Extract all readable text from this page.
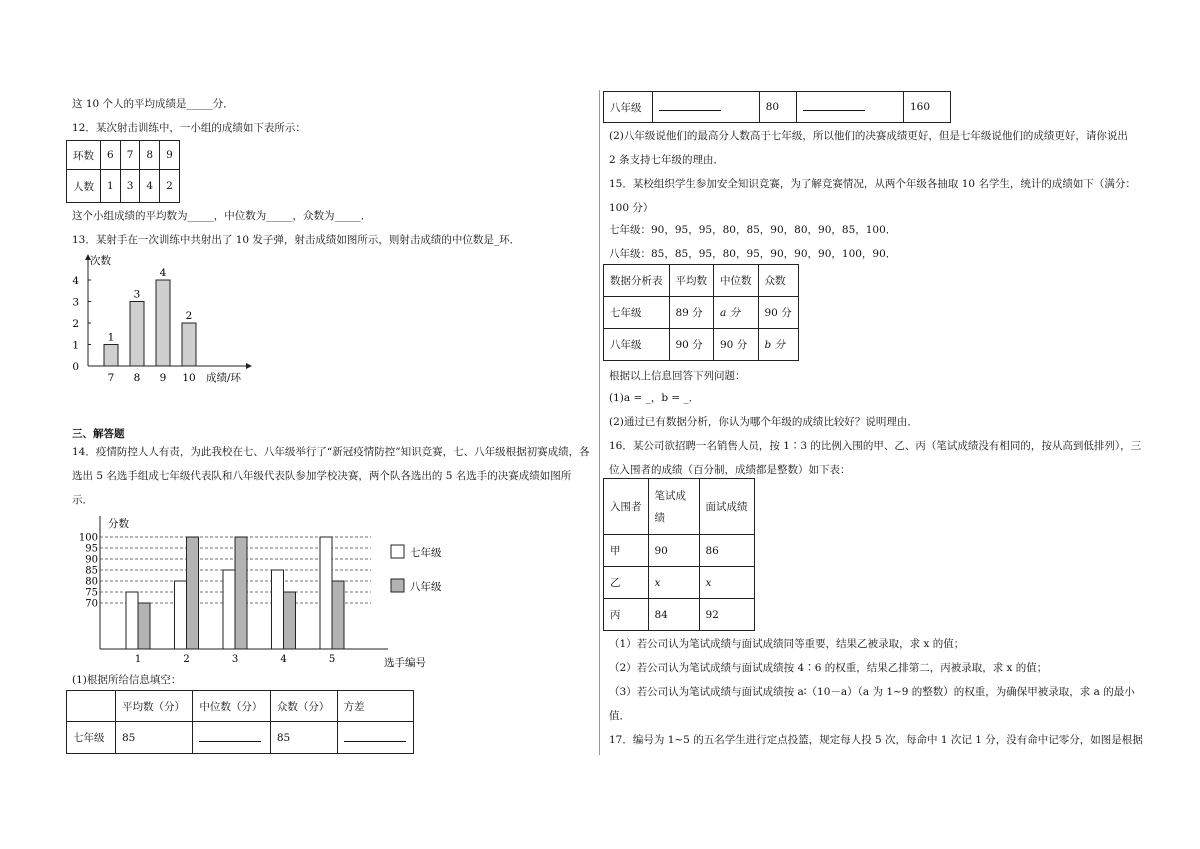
这 10 个人的平均成绩是_____分．
12．某次射击训练中，一小组的成绩如下表所示：
环数	6	7	8	9
人数	1	3	4	2
这个小组成绩的平均数为_____，中位数为_____，众数为_____．
13．某射手在一次训练中共射出了 10 发子弹，射击成绩如图所示，则射击成绩的中位数是_环．
次数
0
1
2
3
4
1
7
3
8
4
9
2
10 成绩/环
三、解答题
14．疫情防控人人有责，为此我校在七、八年级举行了“新冠疫情防控”知识竞赛，七、八年级根据初赛成绩，各
选出 5 名选手组成七年级代表队和八年级代表队参加学校决赛，两个队各选出的 5 名选手的决赛成绩如图所
示．
分数
70
75
80
85
90
95
100
1	2	3	4	5	选手编号
七年级
八年级
(1)根据所给信息填空：
	平均数（分）	中位数（分）	众数（分）	方差
七年级	85		85	
八年级		80		160
(2)八年级说他们的最高分人数高于七年级，所以他们的决赛成绩更好，但是七年级说他们的成绩更好，请你说出
2 条支持七年级的理由．
15．某校组织学生参加安全知识竞赛，为了解竞赛情况，从两个年级各抽取 10 名学生，统计的成绩如下（满分：
100 分）
七年级：90，95，95，80，85，90，80，90，85，100．
八年级：85，85，95，80，95，90，90，90，100，90．
数据分析表	平均数	中位数	众数
七年级	89 分	a 分	90 分
八年级	90 分	90 分	b 分
根据以上信息回答下列问题：
(1)a = _，b = _．
(2)通过已有数据分析，你认为哪个年级的成绩比较好？说明理由．
16．某公司欲招聘一名销售人员，按 1∶3 的比例入围的甲、乙、丙（笔试成绩没有相同的，按从高到低排列），三
位入围者的成绩（百分制，成绩都是整数）如下表：
入围者	笔试成绩	面试成绩
甲	90	86
乙	x	x
丙	84	92
（1）若公司认为笔试成绩与面试成绩同等重要，结果乙被录取，求 x 的值；
（2）若公司认为笔试成绩与面试成绩按 4∶6 的权重，结果乙排第二，丙被录取，求 x 的值；
（3）若公司认为笔试成绩与面试成绩按 a∶（10－a）（a 为 1~9 的整数）的权重，为确保甲被录取，求 a 的最小
值．
17．编号为 1~5 的五名学生进行定点投篮，规定每人投 5 次，每命中 1 次记 1 分，没有命中记零分，如图是根据
